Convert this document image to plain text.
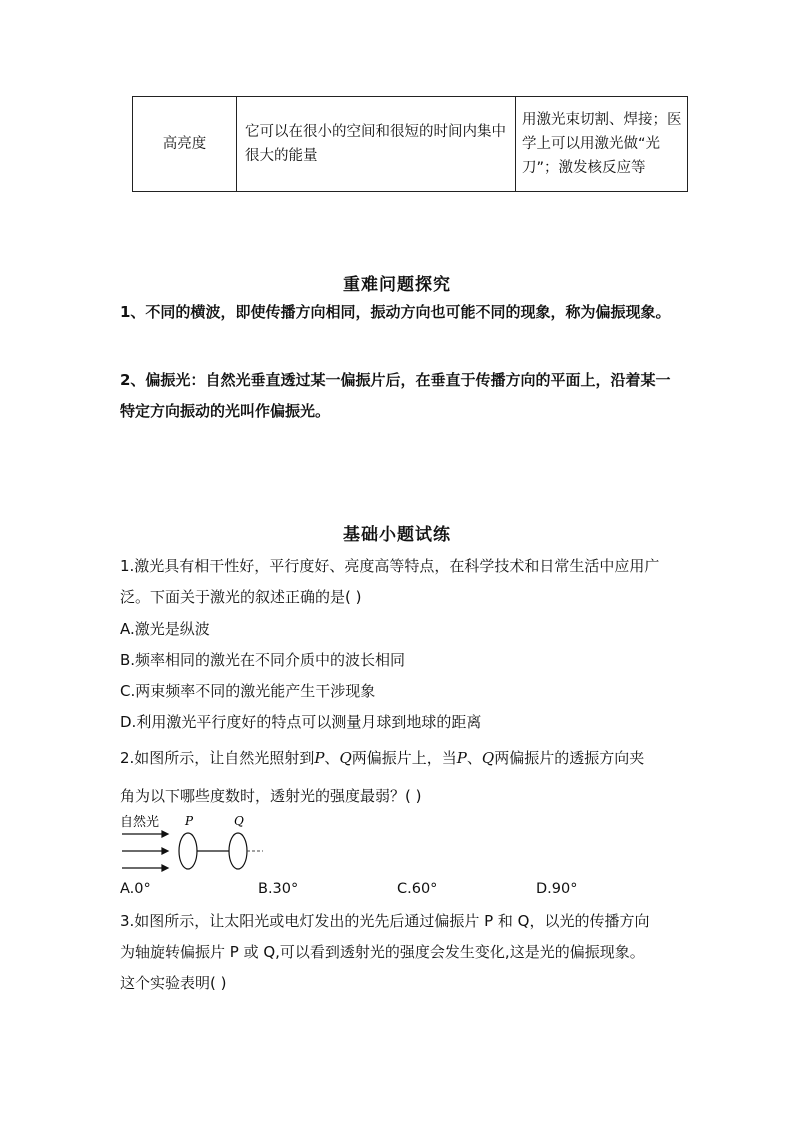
高亮度	它可以在很小的空间和很短的时间内集中很大的能量	用激光束切割、焊接；医学上可以用激光做“光刀”；激发核反应等
重难问题探究

1、不同的横波，即使传播方向相同，振动方向也可能不同的现象，称为偏振现象。

2、偏振光：自然光垂直透过某一偏振片后，在垂直于传播方向的平面上，沿着某一特定方向振动的光叫作偏振光。

基础小题试练

1.激光具有相干性好，平行度好、亮度高等特点，在科学技术和日常生活中应用广泛。下面关于激光的叙述正确的是( )

A.激光是纵波
B.频率相同的激光在不同介质中的波长相同
C.两束频率不同的激光能产生干涉现象
D.利用激光平行度好的特点可以测量月球到地球的距离
2.如图所示，让自然光照射到P、Q两偏振片上，当P、Q两偏振片的透振方向夹
角为以下哪些度数时，透射光的强度最弱？( )
自然光 P	Q
A.0°	B.30°	C.60°	D.90°
3.如图所示，让太阳光或电灯发出的光先后通过偏振片 P 和 Q，以光的传播方向
为轴旋转偏振片 P 或 Q,可以看到透射光的强度会发生变化,这是光的偏振现象。
这个实验表明( )
